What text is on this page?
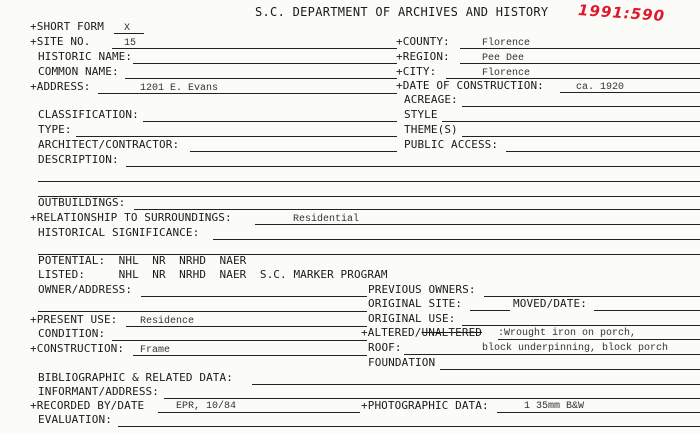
S.C. DEPARTMENT OF ARCHIVES AND HISTORY 1991:590
+SHORT FORM X
+SITE NO.	15
HISTORIC NAME:
COMMON NAME:
+ADDRESS:	1201 E. Evans
CLASSIFICATION:
TYPE:
ARCHITECT/CONTRACTOR:
DESCRIPTION:
OUTBUILDINGS:
+RELATIONSHIP TO SURROUNDINGS:	Residential
HISTORICAL SIGNIFICANCE:
POTENTIAL:  NHL  NR  NRHD  NAER
LISTED:     NHL  NR  NRHD  NAER  S.C. MARKER PROGRAM
OWNER/ADDRESS:
+PRESENT USE: Residence
CONDITION:
+CONSTRUCTION: Frame
BIBLIOGRAPHIC & RELATED DATA:
INFORMANT/ADDRESS:
+RECORDED BY/DATE	EPR, 10/84
EVALUATION:
+COUNTY:	Florence
+REGION:	Pee Dee
+CITY:	Florence
+DATE OF CONSTRUCTION:	ca. 1920
ACREAGE:
STYLE
THEME(S)
PUBLIC ACCESS:
PREVIOUS OWNERS:
ORIGINAL SITE:	MOVED/DATE:
ORIGINAL USE:
+ALTERED/UNALTERED :Wrought iron on porch,
ROOF:	block underpinning, block porch
FOUNDATION
+PHOTOGRAPHIC DATA:	1 35mm B&W
